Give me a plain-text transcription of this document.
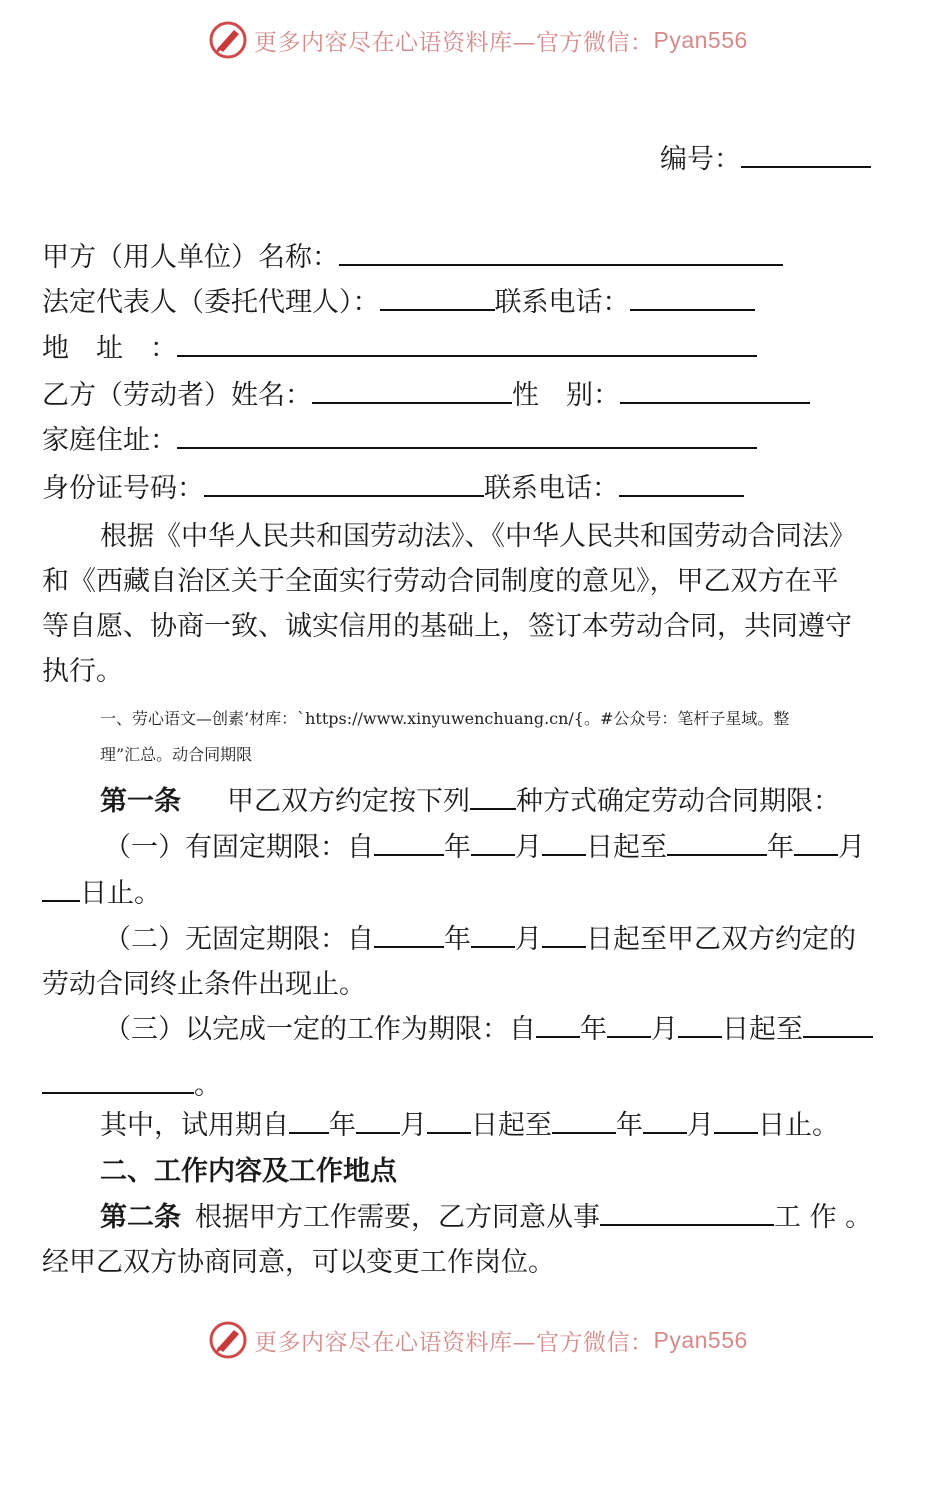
更多内容尽在心语资料库—官方微信： Pyan556
编号：
甲方（用人单位）名称：
法定代表人（委托代理人）：	联系电话：
地　址　：
乙方（劳动者）姓名：	性　别：
家庭住址：
身份证号码：	联系电话：
根据《中华人民共和国劳动法》、《中华人民共和国劳动合同法》
和《西藏自治区关于全面实行劳动合同制度的意见》，甲乙双方在平
等自愿、协商一致、诚实信用的基础上，签订本劳动合同，共同遵守
执行。
一、劳心语文—创素’材库：`https://www.xinyuwenchuang.cn/{。#公众号：笔杆子星域。整
理”汇总。动合同期限
第一条 甲乙双方约定按下列 种方式确定劳动合同期限：
（一）有固定期限：自	年 月 日起至	年 月
日止。
（二）无固定期限：自	年 月 日起至甲乙双方约定的
劳动合同终止条件出现止。
（三）以完成一定的工作为期限：自 年 月 日起至
。
其中，试用期自 年 月 日起至 年 月 日止。
二、工作内容及工作地点
第二条 根据甲方工作需要，乙方同意从事	工 作 。
经甲乙双方协商同意，可以变更工作岗位。
更多内容尽在心语资料库—官方微信： Pyan556
